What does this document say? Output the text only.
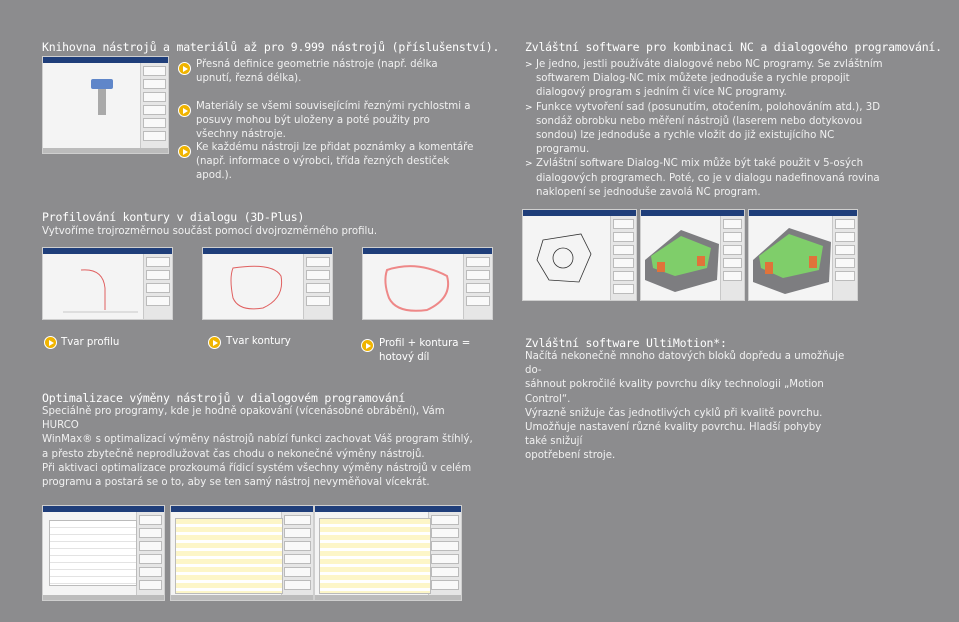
Knihovna nástrojů a materiálů až pro 9.999 nástrojů (příslušenství).
Přesná definice geometrie nástroje (např. délka upnutí, řezná délka).
Materiály se všemi souvisejícími řeznými rychlostmi a posuvy mohou být uloženy a poté použity pro všechny nástroje.
Ke každému nástroji lze přidat poznámky a komentáře (např. informace o výrobci, třída řezných destiček apod.).
Zvláštní software pro kombinaci NC a dialogového programování.
> Je jedno, jestli používáte dialogové nebo NC programy. Se zvláštním softwarem Dialog-NC mix můžete jednoduše a rychle propojit dialogový program s jedním či více NC programy.
> Funkce vytvoření sad (posunutím, otočením, polohováním atd.), 3D sondáž obrobku nebo měření nástrojů (laserem nebo dotykovou sondou) lze jednoduše a rychle vložit do již existujícího NC programu.
> Zvláštní software Dialog-NC mix může být také použit v 5-osých dialogových programech. Poté, co je v dialogu nadefinovaná rovina naklopení se jednoduše zavolá NC program.
Profilování kontury v dialogu (3D-Plus)
Vytvoříme trojrozměrnou součást pomocí dvojrozměrného profilu.
Tvar profilu	Tvar kontury	Profil + kontura = hotový díl
Optimalizace výměny nástrojů v dialogovém programování
Speciálně pro programy, kde je hodně opakování (vícenásobné obrábění), Vám HURCO
WinMax® s optimalizací výměny nástrojů nabízí funkci zachovat Váš program štíhlý,
a přesto zbytečně neprodlužovat čas chodu o nekonečné výměny nástrojů.
Při aktivaci optimalizace prozkoumá řídicí systém všechny výměny nástrojů v celém
programu a postará se o to, aby se ten samý nástroj nevyměňoval vícekrát.
Zvláštní software UltiMotion*:
Načítá nekonečně mnoho datových bloků dopředu a umožňuje do-
sáhnout pokročilé kvality povrchu díky technologii „Motion Control“.
Výrazně snižuje čas jednotlivých cyklů při kvalitě povrchu.
Umožňuje nastavení různé kvality povrchu. Hladší pohyby také snižují
opotřebení stroje.
